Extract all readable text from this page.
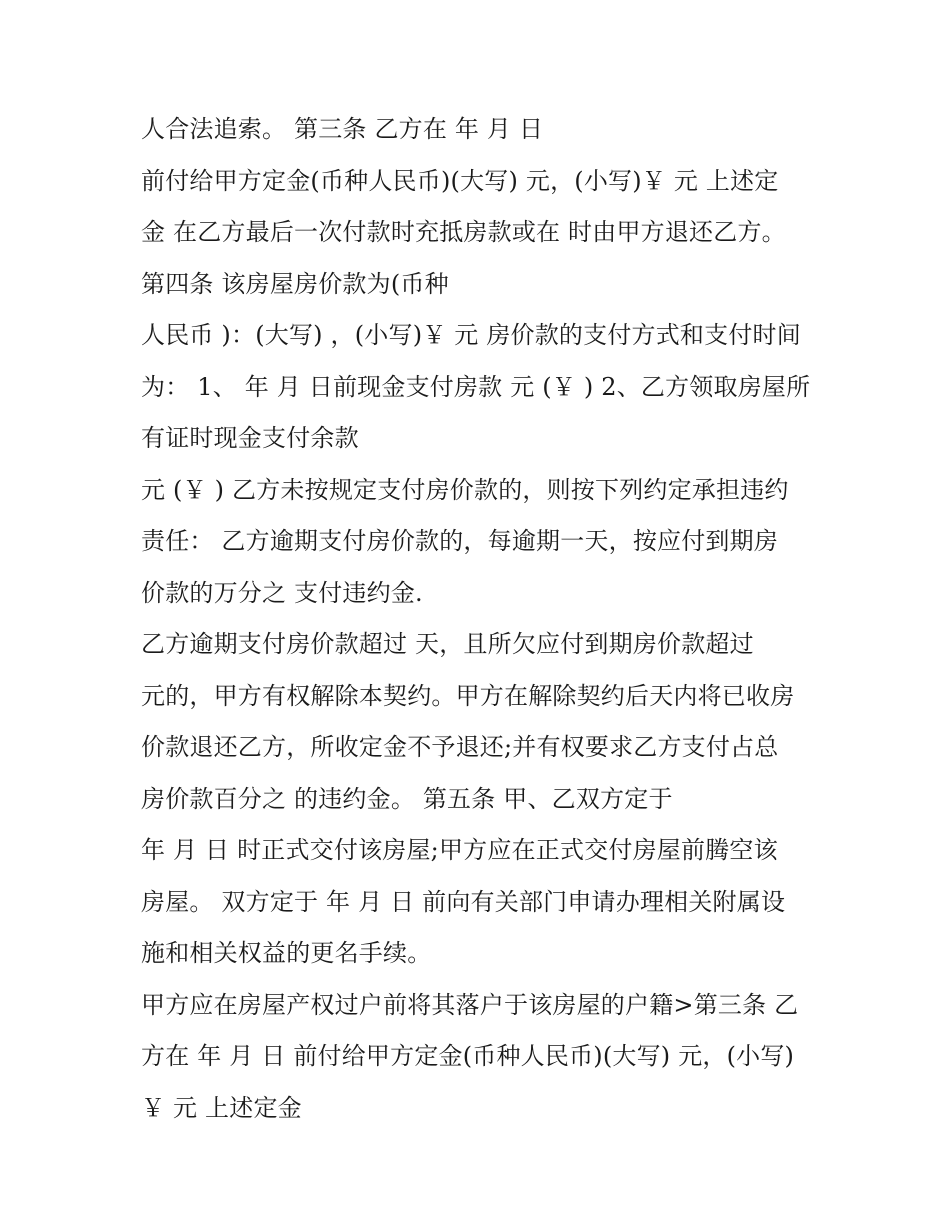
人合法追索。 第三条 乙方在 年 月 日
前付给甲方定金(币种人民币)(大写) 元，(小写)￥ 元 上述定
金 在乙方最后一次付款时充抵房款或在 时由甲方退还乙方。
第四条 该房屋房价款为(币种
人民币 )：(大写) ，(小写)￥ 元 房价款的支付方式和支付时间
为： 1、 年 月 日前现金支付房款 元 (￥ ) 2、乙方领取房屋所
有证时现金支付余款
元 (￥ ) 乙方未按规定支付房价款的，则按下列约定承担违约
责任： 乙方逾期支付房价款的，每逾期一天，按应付到期房
价款的万分之 支付违约金.
乙方逾期支付房价款超过 天，且所欠应付到期房价款超过
元的，甲方有权解除本契约。甲方在解除契约后天内将已收房
价款退还乙方，所收定金不予退还;并有权要求乙方支付占总
房价款百分之 的违约金。 第五条 甲、乙双方定于
年 月 日 时正式交付该房屋;甲方应在正式交付房屋前腾空该
房屋。 双方定于 年 月 日 前向有关部门申请办理相关附属设
施和相关权益的更名手续。
甲方应在房屋产权过户前将其落户于该房屋的户籍>第三条 乙
方在 年 月 日 前付给甲方定金(币种人民币)(大写) 元，(小写)
￥ 元 上述定金
